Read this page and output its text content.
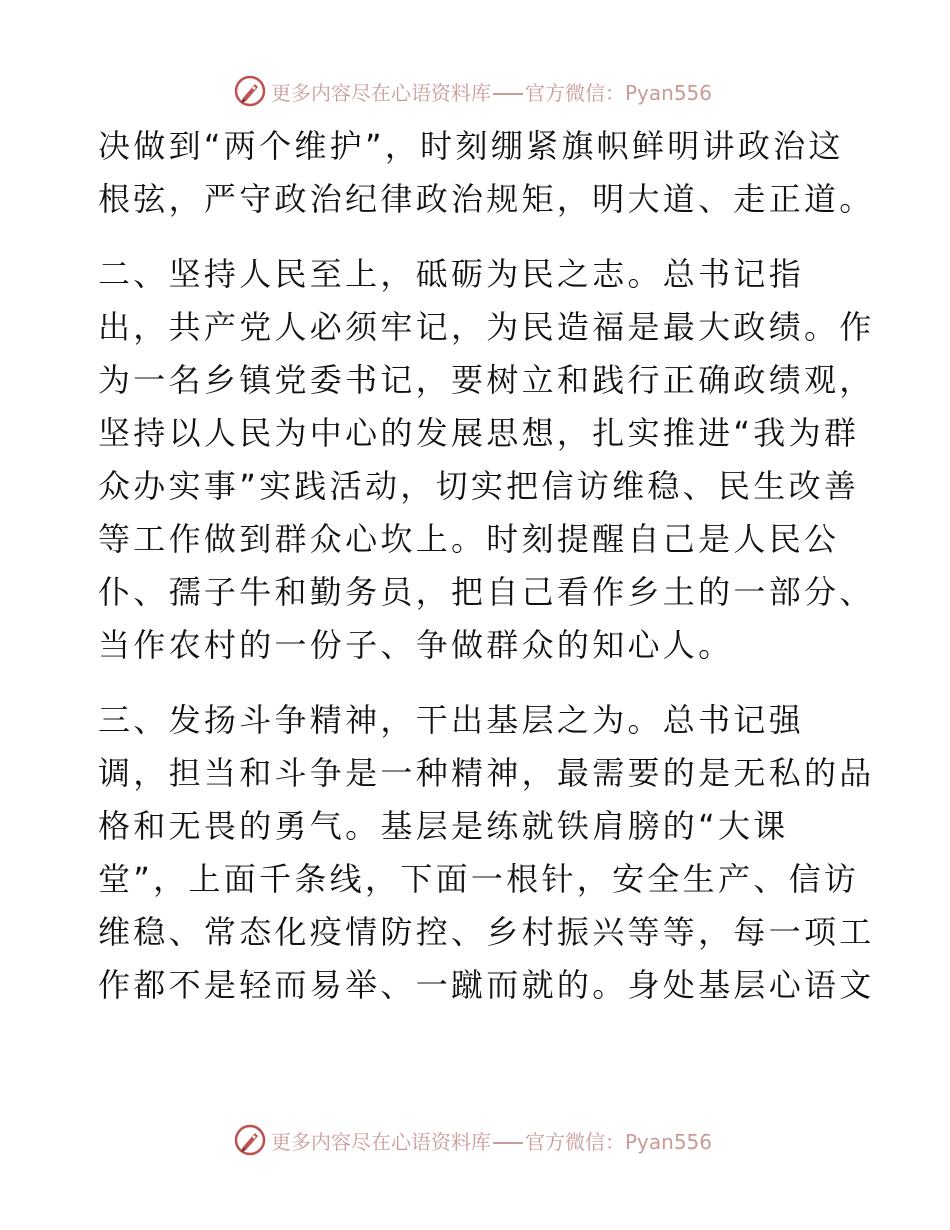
更多内容尽在心语资料库 官方微信：Pyan556
决做到“两个维护”，时刻绷紧旗帜鲜明讲政治这
根弦，严守政治纪律政治规矩，明大道、走正道。
二、坚持人民至上，砥砺为民之志。总书记指
出，共产党人必须牢记，为民造福是最大政绩。作
为一名乡镇党委书记，要树立和践行正确政绩观，
坚持以人民为中心的发展思想，扎实推进“我为群
众办实事”实践活动，切实把信访维稳、民生改善
等工作做到群众心坎上。时刻提醒自己是人民公
仆、孺子牛和勤务员，把自己看作乡土的一部分、
当作农村的一份子、争做群众的知心人。
三、发扬斗争精神，干出基层之为。总书记强
调，担当和斗争是一种精神，最需要的是无私的品
格和无畏的勇气。基层是练就铁肩膀的“大课
堂”，上面千条线，下面一根针，安全生产、信访
维稳、常态化疫情防控、乡村振兴等等，每一项工
作都不是轻而易举、一蹴而就的。身处基层心语文
更多内容尽在心语资料库 官方微信：Pyan556
